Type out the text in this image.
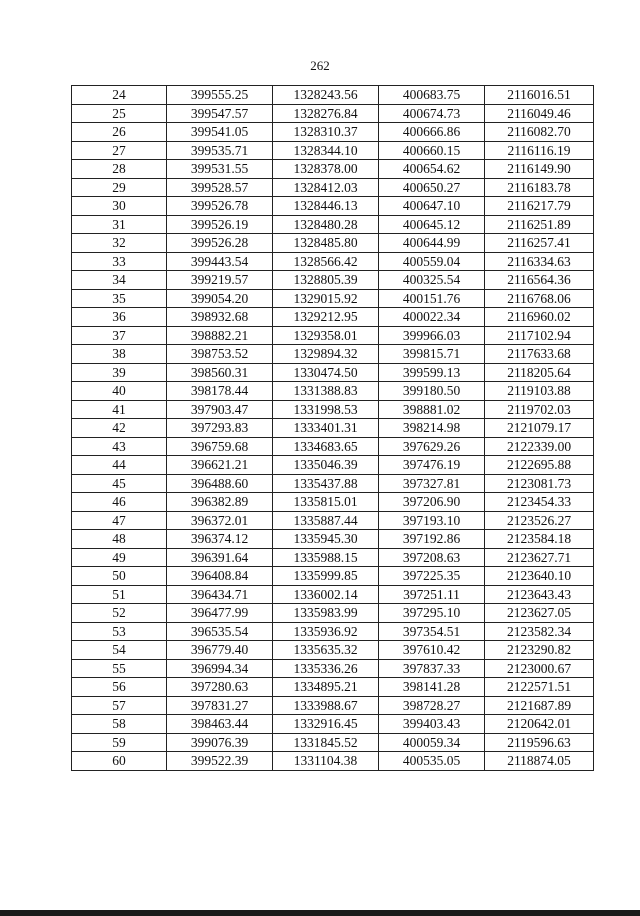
262
24	399555.25	1328243.56	400683.75	2116016.51
25	399547.57	1328276.84	400674.73	2116049.46
26	399541.05	1328310.37	400666.86	2116082.70
27	399535.71	1328344.10	400660.15	2116116.19
28	399531.55	1328378.00	400654.62	2116149.90
29	399528.57	1328412.03	400650.27	2116183.78
30	399526.78	1328446.13	400647.10	2116217.79
31	399526.19	1328480.28	400645.12	2116251.89
32	399526.28	1328485.80	400644.99	2116257.41
33	399443.54	1328566.42	400559.04	2116334.63
34	399219.57	1328805.39	400325.54	2116564.36
35	399054.20	1329015.92	400151.76	2116768.06
36	398932.68	1329212.95	400022.34	2116960.02
37	398882.21	1329358.01	399966.03	2117102.94
38	398753.52	1329894.32	399815.71	2117633.68
39	398560.31	1330474.50	399599.13	2118205.64
40	398178.44	1331388.83	399180.50	2119103.88
41	397903.47	1331998.53	398881.02	2119702.03
42	397293.83	1333401.31	398214.98	2121079.17
43	396759.68	1334683.65	397629.26	2122339.00
44	396621.21	1335046.39	397476.19	2122695.88
45	396488.60	1335437.88	397327.81	2123081.73
46	396382.89	1335815.01	397206.90	2123454.33
47	396372.01	1335887.44	397193.10	2123526.27
48	396374.12	1335945.30	397192.86	2123584.18
49	396391.64	1335988.15	397208.63	2123627.71
50	396408.84	1335999.85	397225.35	2123640.10
51	396434.71	1336002.14	397251.11	2123643.43
52	396477.99	1335983.99	397295.10	2123627.05
53	396535.54	1335936.92	397354.51	2123582.34
54	396779.40	1335635.32	397610.42	2123290.82
55	396994.34	1335336.26	397837.33	2123000.67
56	397280.63	1334895.21	398141.28	2122571.51
57	397831.27	1333988.67	398728.27	2121687.89
58	398463.44	1332916.45	399403.43	2120642.01
59	399076.39	1331845.52	400059.34	2119596.63
60	399522.39	1331104.38	400535.05	2118874.05
